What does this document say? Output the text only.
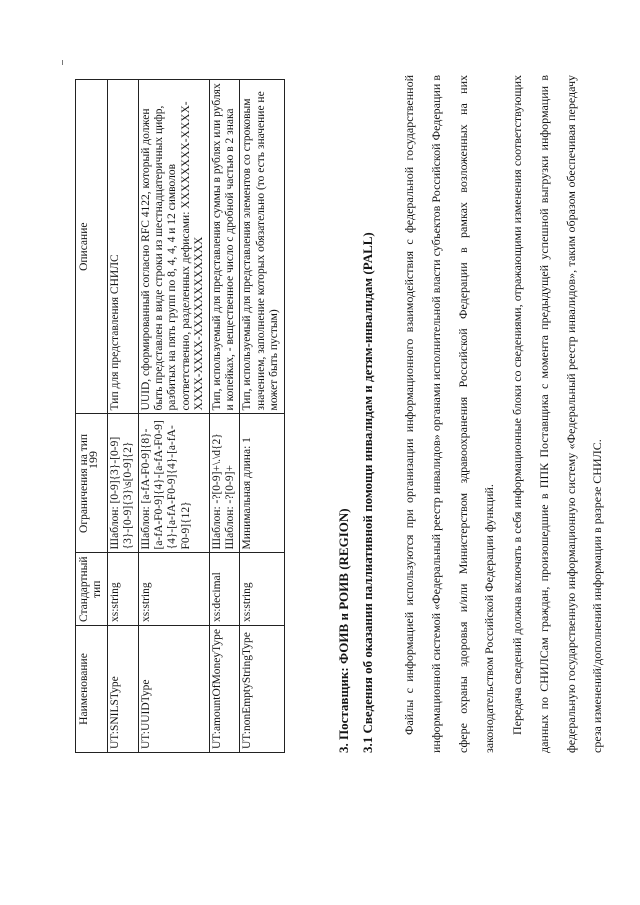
199
Наименование	Стандартный тип	Ограничения на тип	Описание
UT:SNILSType	xs:string	Шаблон: [0-9]{3}-[0-9]{3}-[0-9]{3}\s[0-9]{2}	Тип для представления СНИЛС
UT:UUIDType	xs:string	Шаблон: [a-fA-F0-9]{8}-[a-fA-F0-9]{4}-[a-fA-F0-9]{4}-[a-fA-F0-9]{4}-[a-fA-F0-9]{12}	UUID, сформированный согласно RFC 4122, который должен быть представлен в виде строки из шестнадцатеричных цифр, разбитых на пять групп по 8, 4, 4, 4 и 12 символов соответственно, разделенных дефисами: XXXXXXXX-XXXX-XXXX-XXXX-XXXXXXXXXXXX
UT:amountOfMoneyType	xs:decimal	Шаблон: -?[0-9]+\.\d{2} Шаблон: -?[0-9]+	Тип, используемый для представления суммы в рублях или рублях и копейках, - вещественное число с дробной частью в 2 знака
UT:nonEmptyStringType	xs:string	Минимальная длина: 1	Тип, используемый для представления элементов со строковым значением, заполнение которых обязательно (то есть значение не может быть пустым)
3. Поставщик: ФОИВ и РОИВ (REGION) 3.1 Сведения об оказании паллиативной помощи инвалидам и детям-инвалидам (PALL)	Файлы с информацией используются при организации информационного взаимодействия с федеральной государственной информационной системой «Федеральный реестр инвалидов» органами исполнительной власти субъектов Российской Федерации в сфере охраны здоровья и/или Министерством здравоохранения Российской Федерации в рамках возложенных на них законодательством Российской Федерации функций.	Передача сведений должна включать в себя информационные блоки со сведениями, отражающими изменения соответствующих данных по СНИЛСам граждан, произошедшие в ППК Поставщика с момента предыдущей успешной выгрузки информации в федеральную государственную информационную систему «Федеральный реестр инвалидов», таким образом обеспечивая передачу среза изменений/дополнений информации в разрезе СНИЛС.
